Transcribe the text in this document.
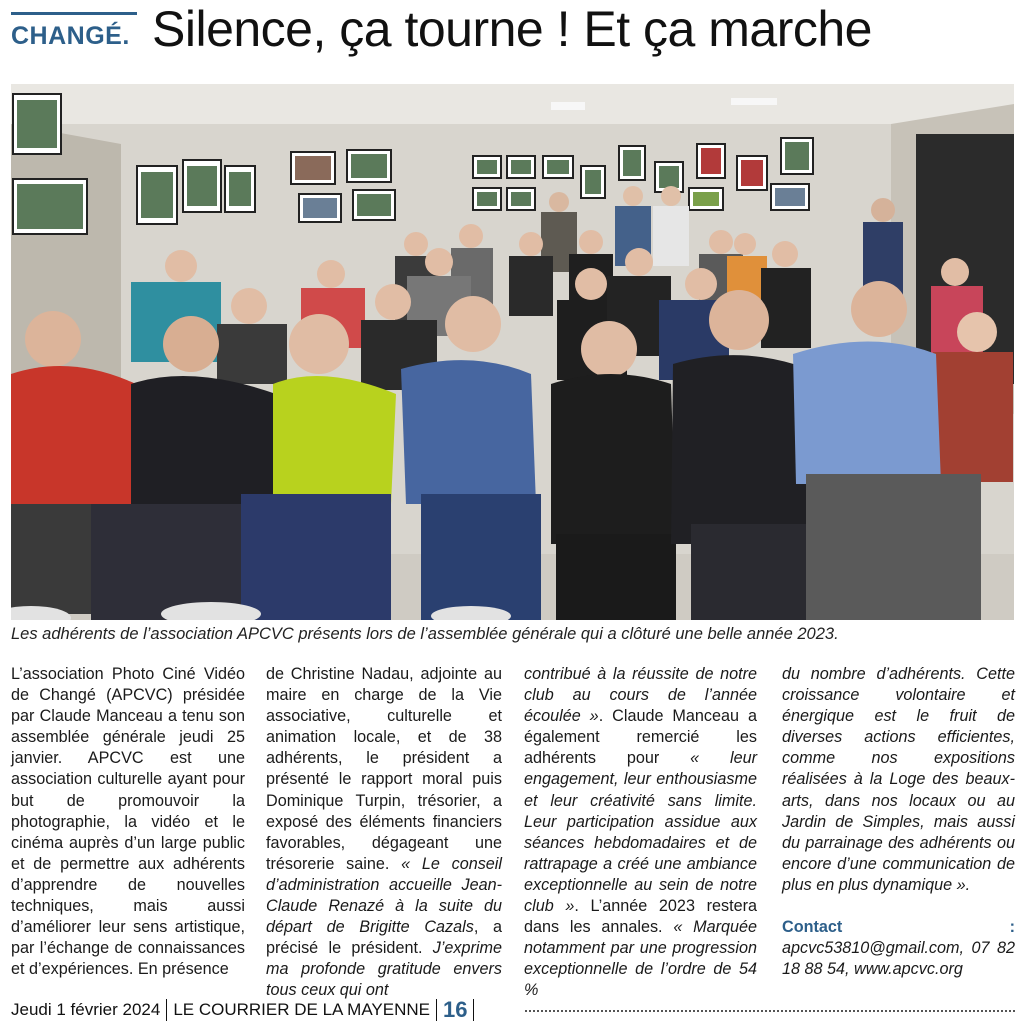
CHANGÉ. Silence, ça tourne ! Et ça marche
Les adhérents de l’association APCVC présents lors de l’assemblée générale qui a clôturé une belle année 2023.

L’association Photo Ciné Vidéo de Changé (APCVC) présidée par Claude Manceau a tenu son assemblée générale jeudi 25 janvier. APCVC est une association culturelle ayant pour but de promouvoir la photographie, la vidéo et le cinéma auprès d’un large public et de permettre aux adhérents d’apprendre de nouvelles techniques, mais aussi d’améliorer leur sens artistique, par l’échange de connaissances et d’expériences. En présence

de Christine Nadau, adjointe au maire en charge de la Vie associative, culturelle et animation locale, et de 38 adhérents, le président a présenté le rapport moral puis Dominique Turpin, trésorier, a exposé des éléments financiers favorables, dégageant une trésorerie saine. « Le conseil d’administration accueille Jean-Claude Renazé à la suite du départ de Brigitte Cazals, a précisé le président. J’exprime ma profonde gratitude envers tous ceux qui ont

contribué à la réussite de notre club au cours de l’année écoulée ». Claude Manceau a également remercié les adhérents pour « leur engagement, leur enthousiasme et leur créativité sans limite. Leur participation assidue aux séances hebdomadaires et de rattrapage a créé une ambiance exceptionnelle au sein de notre club ». L’année 2023 restera dans les annales. « Marquée notamment par une progression exceptionnelle de l’ordre de 54 %

du nombre d’adhérents. Cette croissance volontaire et énergique est le fruit de diverses actions efficientes, comme nos expositions réalisées à la Loge des beaux-arts, dans nos locaux ou au Jardin de Simples, mais aussi du parrainage des adhérents ou encore d’une communication de plus en plus dynamique ».

Contact : apcvc53810@gmail.com, 07 82 18 88 54, www.apcvc.org

Jeudi 1 février 2024 LE COURRIER DE LA MAYENNE 16
